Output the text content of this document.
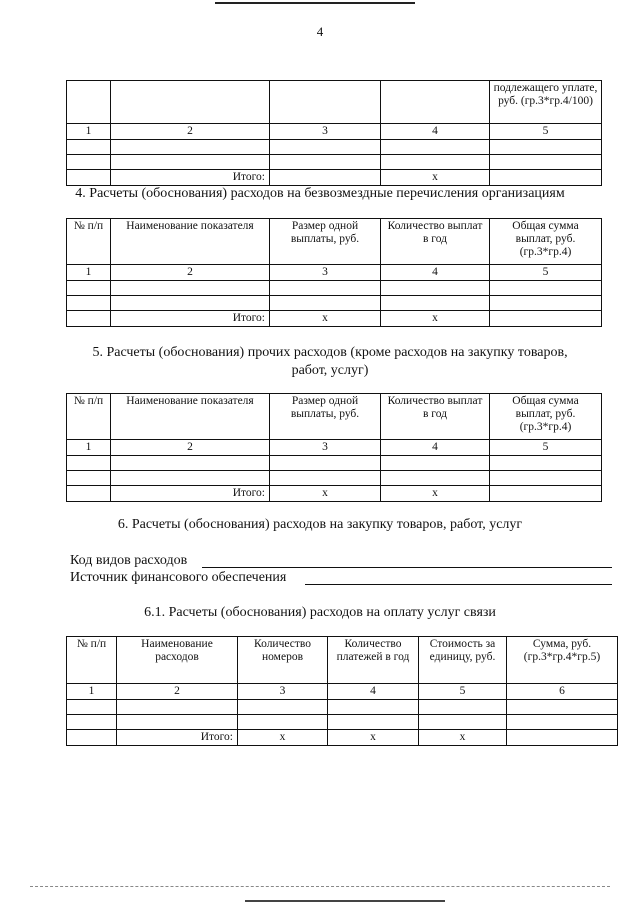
4
				подлежащего уплате, руб. (гр.3*гр.4/100)
1	2	3	4	5

	Итого:		x	
4. Расчеты (обоснования) расходов на безвозмездные перечисления организациям
№ п/п	Наименование показателя	Размер одной выплаты, руб.	Количество выплат в год	Общая сумма выплат, руб. (гр.3*гр.4)
1	2	3	4	5

	Итого:	x	x	
5. Расчеты (обоснования) прочих расходов (кроме расходов на закупку товаров, работ, услуг)
№ п/п	Наименование показателя	Размер одной выплаты, руб.	Количество выплат в год	Общая сумма выплат, руб. (гр.3*гр.4)
1	2	3	4	5

	Итого:	x	x	
6. Расчеты (обоснования) расходов на закупку товаров, работ, услуг
Код видов расходов
Источник финансового обеспечения
6.1. Расчеты (обоснования) расходов на оплату услуг связи
№ п/п	Наименование расходов	Количество номеров	Количество платежей в год	Стоимость за единицу, руб.	Сумма, руб. (гр.3*гр.4*гр.5)
1	2	3	4	5	6

	Итого:	x	x	x	
